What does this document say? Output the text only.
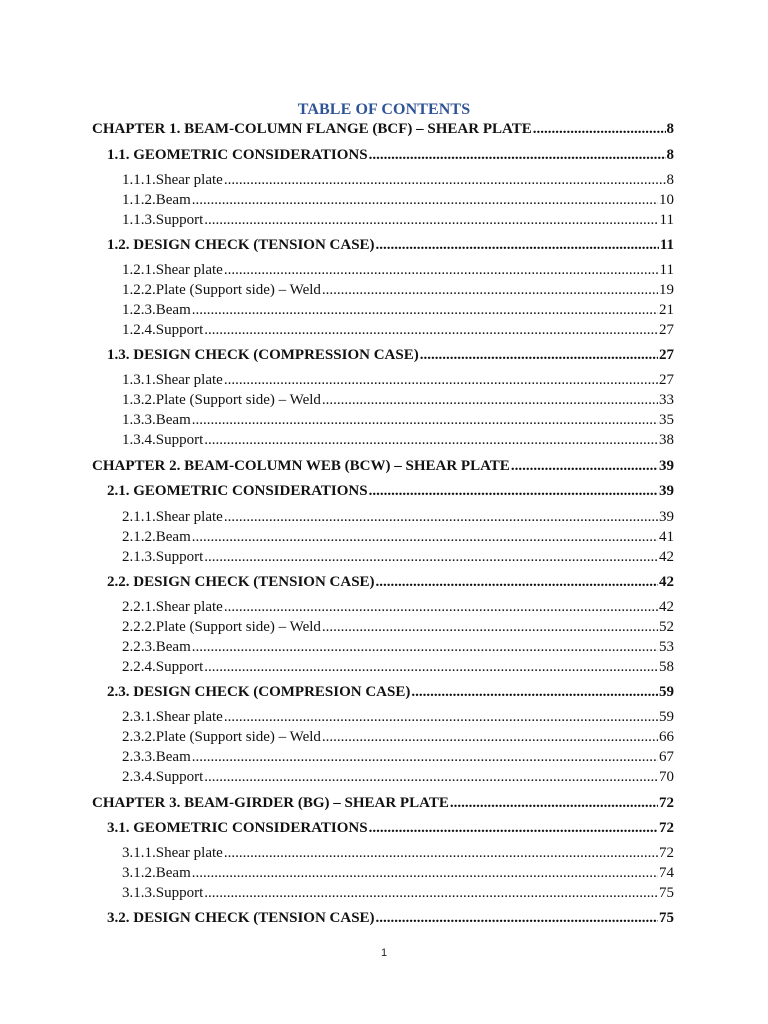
TABLE OF CONTENTS
CHAPTER 1. BEAM-COLUMN FLANGE (BCF) – SHEAR PLATE .....	8
1.1. GEOMETRIC CONSIDERATIONS .....	8
1.1.1. Shear plate .....	8
1.1.2. Beam .....	10
1.1.3. Support .....	11
1.2. DESIGN CHECK (TENSION CASE) .....	11
1.2.1. Shear plate .....	11
1.2.2. Plate (Support side) – Weld .....	19
1.2.3. Beam .....	21
1.2.4. Support .....	27
1.3. DESIGN CHECK (COMPRESSION CASE) .....	27
1.3.1. Shear plate .....	27
1.3.2. Plate (Support side) – Weld .....	33
1.3.3. Beam .....	35
1.3.4. Support .....	38
CHAPTER 2. BEAM-COLUMN WEB (BCW) – SHEAR PLATE .....	39
2.1. GEOMETRIC CONSIDERATIONS .....	39
2.1.1. Shear plate .....	39
2.1.2. Beam .....	41
2.1.3. Support .....	42
2.2. DESIGN CHECK (TENSION CASE) .....	42
2.2.1. Shear plate .....	42
2.2.2. Plate (Support side) – Weld .....	52
2.2.3. Beam .....	53
2.2.4. Support .....	58
2.3. DESIGN CHECK (COMPRESION CASE) .....	59
2.3.1. Shear plate .....	59
2.3.2. Plate (Support side) – Weld .....	66
2.3.3. Beam .....	67
2.3.4. Support .....	70
CHAPTER 3. BEAM-GIRDER (BG) – SHEAR PLATE .....	72
3.1. GEOMETRIC CONSIDERATIONS .....	72
3.1.1. Shear plate .....	72
3.1.2. Beam .....	74
3.1.3. Support .....	75
3.2. DESIGN CHECK (TENSION CASE) .....	75
1
